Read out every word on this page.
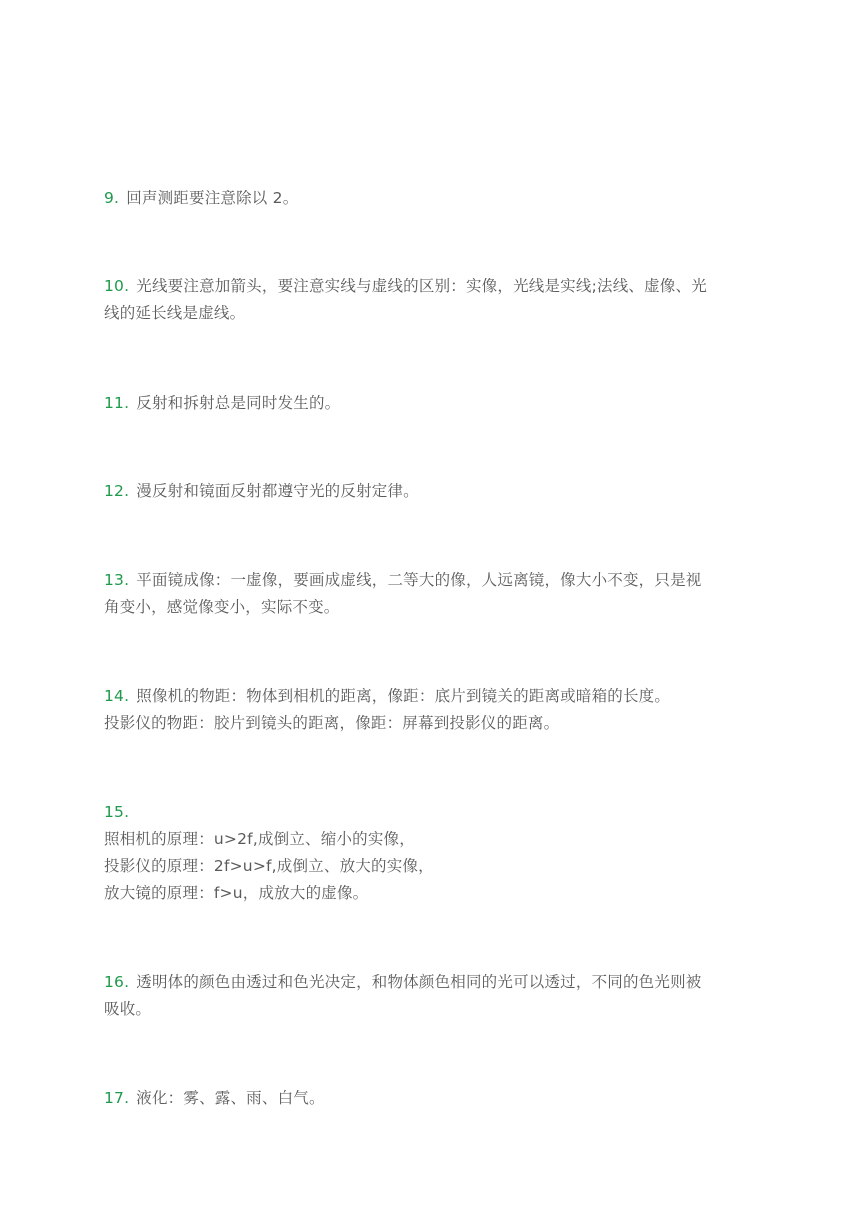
9. 回声测距要注意除以 2。
10. 光线要注意加箭头，要注意实线与虚线的区别：实像，光线是实线;法线、虚像、光
线的延长线是虚线。
11. 反射和拆射总是同时发生的。
12. 漫反射和镜面反射都遵守光的反射定律。
13. 平面镜成像：一虚像，要画成虚线，二等大的像，人远离镜，像大小不变，只是视
角变小，感觉像变小，实际不变。
14. 照像机的物距：物体到相机的距离，像距：底片到镜关的距离或暗箱的长度。
投影仪的物距：胶片到镜头的距离，像距：屏幕到投影仪的距离。
15.
照相机的原理：u>2f,成倒立、缩小的实像，
投影仪的原理：2f>u>f,成倒立、放大的实像，
放大镜的原理：f>u，成放大的虚像。
16. 透明体的颜色由透过和色光决定，和物体颜色相同的光可以透过，不同的色光则被
吸收。
17. 液化：雾、露、雨、白气。
